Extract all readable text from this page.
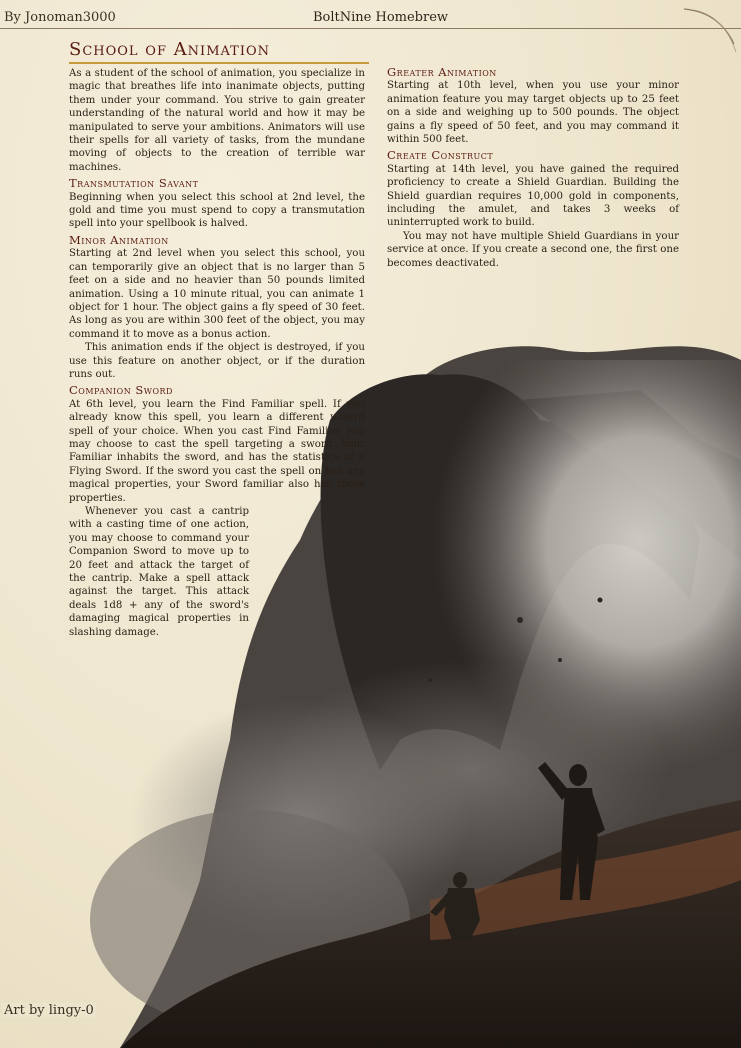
By Jonoman3000	BoltNine Homebrew
School of Animation

As a student of the school of animation, you specialize in magic that breathes life into inanimate objects, putting them under your command. You strive to gain greater understanding of the natural world and how it may be manipulated to serve your ambitions. Animators will use their spells for all variety of tasks, from the mundane moving of objects to the creation of terrible war machines.

Transmutation Savant

Beginning when you select this school at 2nd level, the gold and time you must spend to copy a transmutation spell into your spellbook is halved.

Minor Animation

Starting at 2nd level when you select this school, you can temporarily give an object that is no larger than 5 feet on a side and no heavier than 50 pounds limited animation. Using a 10 minute ritual, you can animate 1 object for 1 hour. The object gains a fly speed of 30 feet. As long as you are within 300 feet of the object, you may command it to move as a bonus action.

This animation ends if the object is destroyed, if you use this feature on another object, or if the duration runs out.

Companion Sword

At 6th level, you learn the Find Familiar spell. If you already know this spell, you learn a different wizard spell of your choice. When you cast Find Familiar, you may choose to cast the spell targeting a sword. Your Familiar inhabits the sword, and has the statistics of a Flying Sword. If the sword you cast the spell on has any magical properties, your Sword familiar also has those properties.

Whenever you cast a cantrip with a casting time of one action, you may choose to command your Companion Sword to move up to 20 feet and attack the target of the cantrip. Make a spell attack against the target. This attack deals 1d8 + any of the sword's damaging magical properties in slashing damage.

Greater Animation

Starting at 10th level, when you use your minor animation feature you may target objects up to 25 feet on a side and weighing up to 500 pounds. The object gains a fly speed of 50 feet, and you may command it within 500 feet.

Create Construct

Starting at 14th level, you have gained the required proficiency to create a Shield Guardian. Building the Shield guardian requires 10,000 gold in components, including the amulet, and takes 3 weeks of uninterrupted work to build.

You may not have multiple Shield Guardians in your service at once. If you create a second one, the first one becomes deactivated.

Art by lingy-0
